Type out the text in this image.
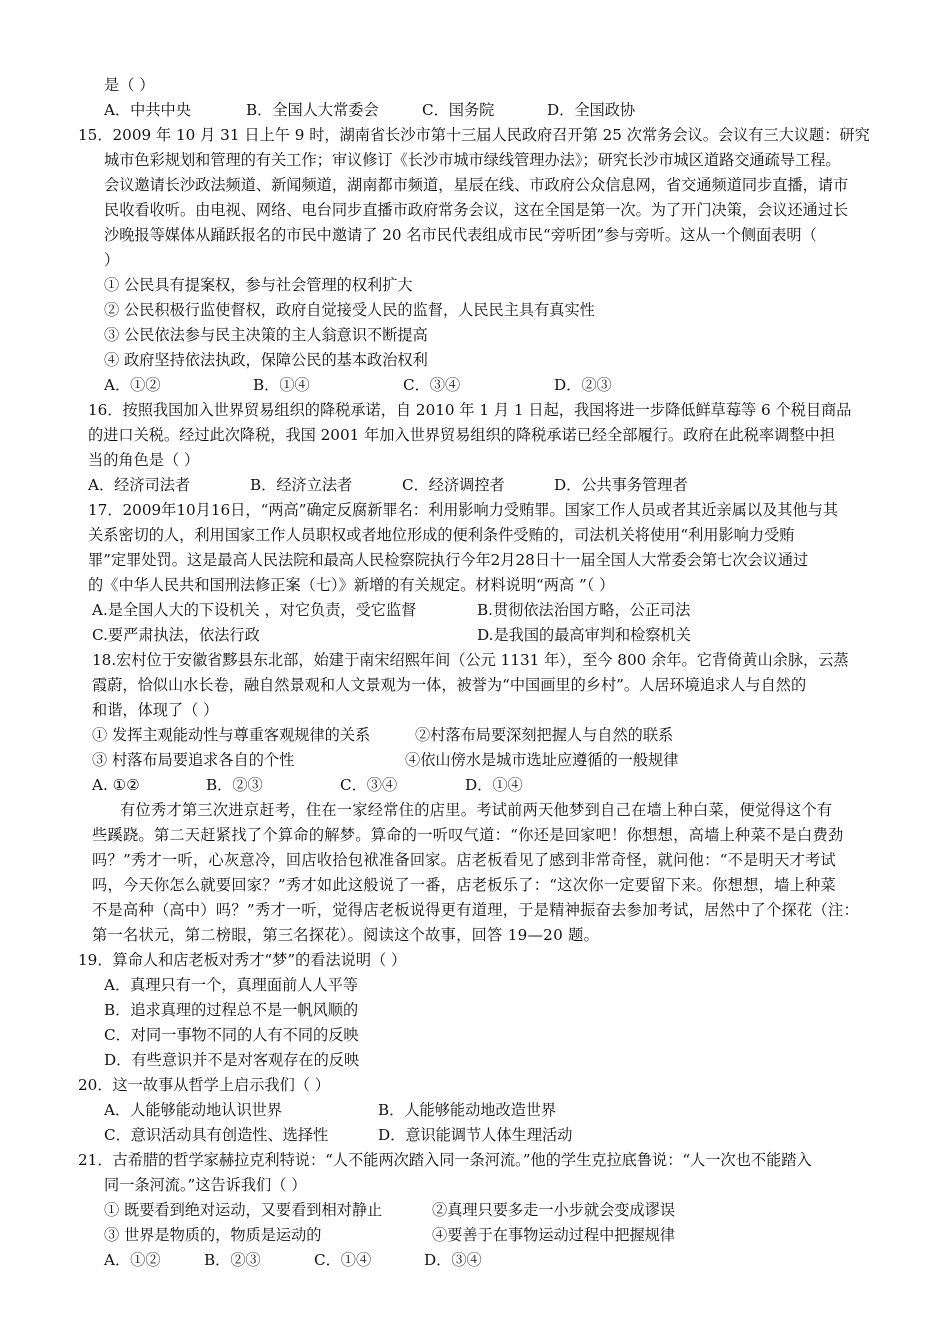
是（ ）
A．中共中央	B．全国人大常委会	C．国务院	D．全国政协
15．2009 年 10 月 31 日上午 9 时，湖南省长沙市第十三届人民政府召开第 25 次常务会议。会议有三大议题：研究
城市色彩规划和管理的有关工作；审议修订《长沙市城市绿线管理办法》；研究长沙市城区道路交通疏导工程。
会议邀请长沙政法频道、新闻频道，湖南都市频道，星辰在线、市政府公众信息网，省交通频道同步直播，请市
民收看收听。由电视、网络、电台同步直播市政府常务会议，这在全国是第一次。为了开门决策，会议还通过长
沙晚报等媒体从踊跃报名的市民中邀请了 20 名市民代表组成市民“旁听团”参与旁听。这从一个侧面表明（
）
① 公民具有提案权，参与社会管理的权利扩大
② 公民积极行监使督权，政府自觉接受人民的监督，人民民主具有真实性
③ 公民依法参与民主决策的主人翁意识不断提高
④ 政府坚持依法执政，保障公民的基本政治权利
A．①②	B．①④	C．③④	D．②③
16．按照我国加入世界贸易组织的降税承诺，自 2010 年 1 月 1 日起，我国将进一步降低鲜草莓等 6 个税目商品
的进口关税。经过此次降税，我国 2001 年加入世界贸易组织的降税承诺已经全部履行。政府在此税率调整中担
当的角色是（ ）
A．经济司法者	B．经济立法者	C．经济调控者	D．公共事务管理者
17．2009年10月16日，“两高”确定反腐新罪名：利用影响力受贿罪。国家工作人员或者其近亲属以及其他与其
关系密切的人，利用国家工作人员职权或者地位形成的便利条件受贿的，司法机关将使用“利用影响力受贿
罪”定罪处罚。这是最高人民法院和最高人民检察院执行今年2月28日十一届全国人大常委会第七次会议通过
的《中华人民共和国刑法修正案（七）》新增的有关规定。材料说明“两高 ”（ ）
A.是全国人大的下设机关 ，对它负责，受它监督	B.贯彻依法治国方略，公正司法
C.要严肃执法，依法行政	D.是我国的最高审判和检察机关
18.宏村位于安徽省黟县东北部，始建于南宋绍熙年间（公元 1131 年），至今 800 余年。它背倚黄山余脉，云蒸
霞蔚，恰似山水长卷，融自然景观和人文景观为一体，被誉为“中国画里的乡村”。人居环境追求人与自然的
和谐，体现了（ ）
① 发挥主观能动性与尊重客观规律的关系	②村落布局要深刻把握人与自然的联系
③ 村落布局要追求各自的个性	④依山傍水是城市选址应遵循的一般规律
A. ①②	B．②③	C．③④	D．①④
有位秀才第三次进京赶考，住在一家经常住的店里。考试前两天他梦到自己在墙上种白菜，便觉得这个有
些蹊跷。第二天赶紧找了个算命的解梦。算命的一听叹气道：“你还是回家吧！你想想，高墙上种菜不是白费劲
吗？”秀才一听，心灰意冷，回店收拾包袱准备回家。店老板看见了感到非常奇怪，就问他：“不是明天才考试
吗，今天你怎么就要回家？”秀才如此这般说了一番，店老板乐了：“这次你一定要留下来。你想想，墙上种菜
不是高种（高中）吗？”秀才一听，觉得店老板说得更有道理，于是精神振奋去参加考试，居然中了个探花（注：
第一名状元，第二榜眼，第三名探花）。阅读这个故事，回答 19—20 题。
19．算命人和店老板对秀才“梦”的看法说明（ ）
A．真理只有一个，真理面前人人平等
B．追求真理的过程总不是一帆风顺的
C．对同一事物不同的人有不同的反映
D．有些意识并不是对客观存在的反映
20．这一故事从哲学上启示我们（ ）
A．人能够能动地认识世界	B．人能够能动地改造世界
C．意识活动具有创造性、选择性	D．意识能调节人体生理活动
21．古希腊的哲学家赫拉克利特说：“人不能两次踏入同一条河流。”他的学生克拉底鲁说：“人一次也不能踏入
同一条河流。”这告诉我们（ ）
① 既要看到绝对运动，又要看到相对静止	②真理只要多走一小步就会变成谬误
③ 世界是物质的，物质是运动的	④要善于在事物运动过程中把握规律
A．①②	B．②③	C．①④	D．③④
